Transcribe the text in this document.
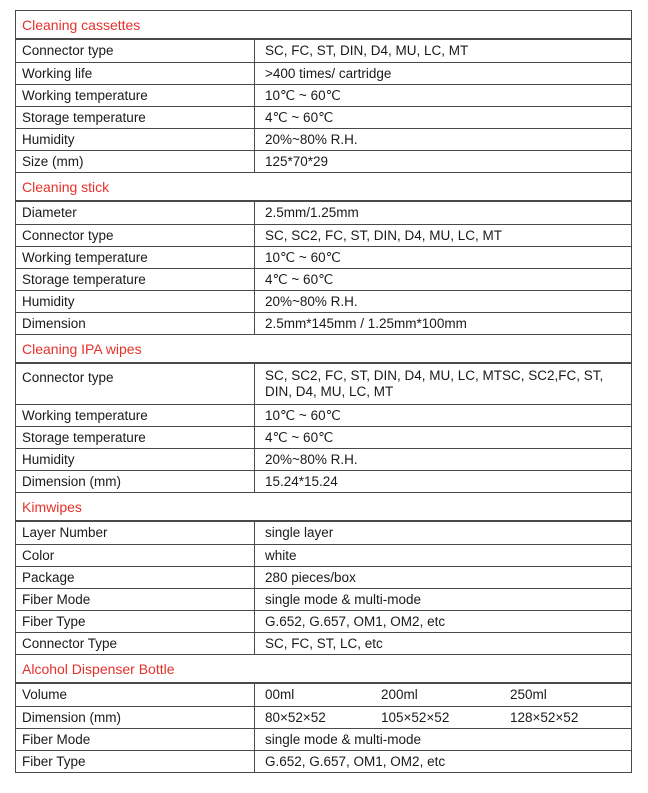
Cleaning cassettes
Connector type	SC, FC, ST, DIN, D4, MU, LC, MT
Working life	>400 times/ cartridge
Working temperature	10℃ ~ 60℃
Storage temperature	4℃ ~ 60℃
Humidity	20%~80% R.H.
Size (mm)	125*70*29
Cleaning stick
Diameter	2.5mm/1.25mm
Connector type	SC, SC2, FC, ST, DIN, D4, MU, LC, MT
Working temperature	10℃ ~ 60℃
Storage temperature	4℃ ~ 60℃
Humidity	20%~80% R.H.
Dimension	2.5mm*145mm / 1.25mm*100mm
Cleaning IPA wipes
Connector type	SC, SC2, FC, ST, DIN, D4, MU, LC, MTSC, SC2,FC, ST, DIN, D4, MU, LC, MT
Working temperature	10℃ ~ 60℃
Storage temperature	4℃ ~ 60℃
Humidity	20%~80% R.H.
Dimension (mm)	15.24*15.24
Kimwipes
Layer Number	single layer
Color	white
Package	280 pieces/box
Fiber Mode	single mode & multi-mode
Fiber Type	G.652, G.657, OM1, OM2, etc
Connector Type	SC, FC, ST, LC, etc
Alcohol Dispenser Bottle
Volume	00ml	200ml	250ml
Dimension (mm)	80×52×52	105×52×52	128×52×52
Fiber Mode	single mode & multi-mode
Fiber Type	G.652, G.657, OM1, OM2, etc
